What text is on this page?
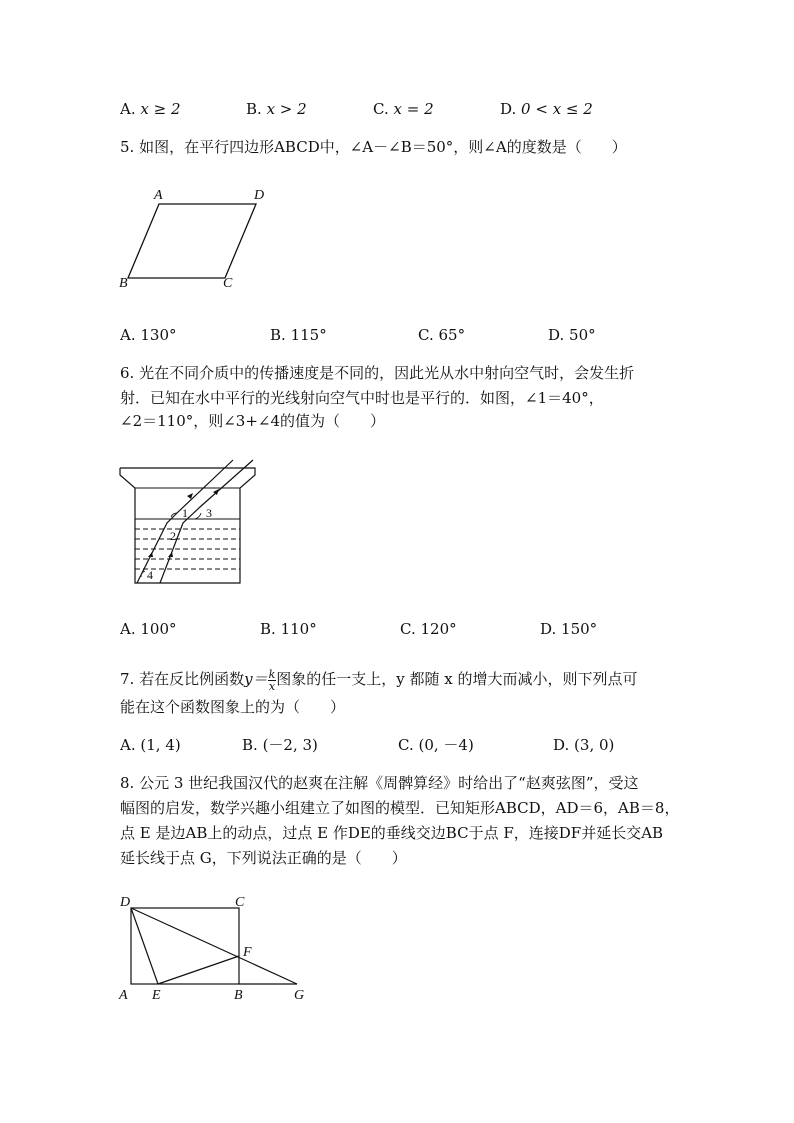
A. x ≥ 2	B. x > 2	C. x = 2	D. 0 < x ≤ 2
5. 如图，在平行四边形ABCD中，∠A－∠B＝50°，则∠A的度数是（　　）
A	D
B	C
A. 130°	B. 115°	C. 65°	D. 50°
6. 光在不同介质中的传播速度是不同的，因此光从水中射向空气时，会发生折
射．已知在水中平行的光线射向空气中时也是平行的．如图，∠1＝40°，
∠2＝110°，则∠3+∠4的值为（　　）
1 3
2
4
A. 100°	B. 110°	C. 120°	D. 150°
7. 若在反比例函数$y= \frac{k}{x}$ 图象的任一支上，y 都随 x 的增大而减小，则下列点可
能在这个函数图象上的为（　　）
A. (1, 4)	B. (－2, 3)	C. (0, －4)	D. (3, 0)
8. 公元 3 世纪我国汉代的赵爽在注解《周髀算经》时给出了“赵爽弦图”，受这
幅图的启发，数学兴趣小组建立了如图的模型．已知矩形ABCD，AD＝6，AB＝8，
点 E 是边AB上的动点，过点 E 作DE的垂线交边BC于点 F，连接DF并延长交AB
延长线于点 G，下列说法正确的是（　　）
D	C
F
A E	B	G
